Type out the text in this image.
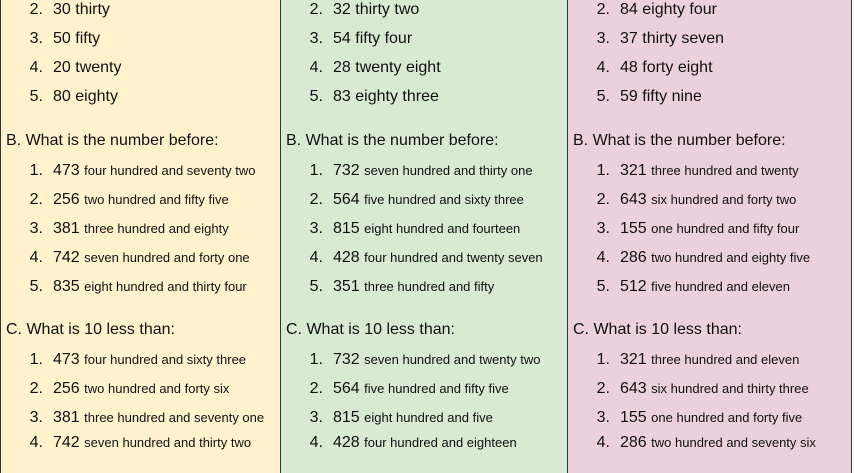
2. 30 thirty
3. 50 fifty
4. 20 twenty
5. 80 eighty
B. What is the number before:
1. 473 four hundred and seventy two
2. 256 two hundred and fifty five
3. 381 three hundred and eighty
4. 742 seven hundred and forty one
5. 835 eight hundred and thirty four
C. What is 10 less than:
1. 473 four hundred and sixty three
2. 256 two hundred and forty six
3. 381 three hundred and seventy one
4. 742 seven hundred and thirty two
2. 32 thirty two
3. 54 fifty four
4. 28 twenty eight
5. 83 eighty three
B. What is the number before:
1. 732 seven hundred and thirty one
2. 564 five hundred and sixty three
3. 815 eight hundred and fourteen
4. 428 four hundred and twenty seven
5. 351 three hundred and fifty
C. What is 10 less than:
1. 732 seven hundred and twenty two
2. 564 five hundred and fifty five
3. 815 eight hundred and five
4. 428 four hundred and eighteen
2. 84 eighty four
3. 37 thirty seven
4. 48 forty eight
5. 59 fifty nine
B. What is the number before:
1. 321 three hundred and twenty
2. 643 six hundred and forty two
3. 155 one hundred and fifty four
4. 286 two hundred and eighty five
5. 512 five hundred and eleven
C. What is 10 less than:
1. 321 three hundred and eleven
2. 643 six hundred and thirty three
3. 155 one hundred and forty five
4. 286 two hundred and seventy six
